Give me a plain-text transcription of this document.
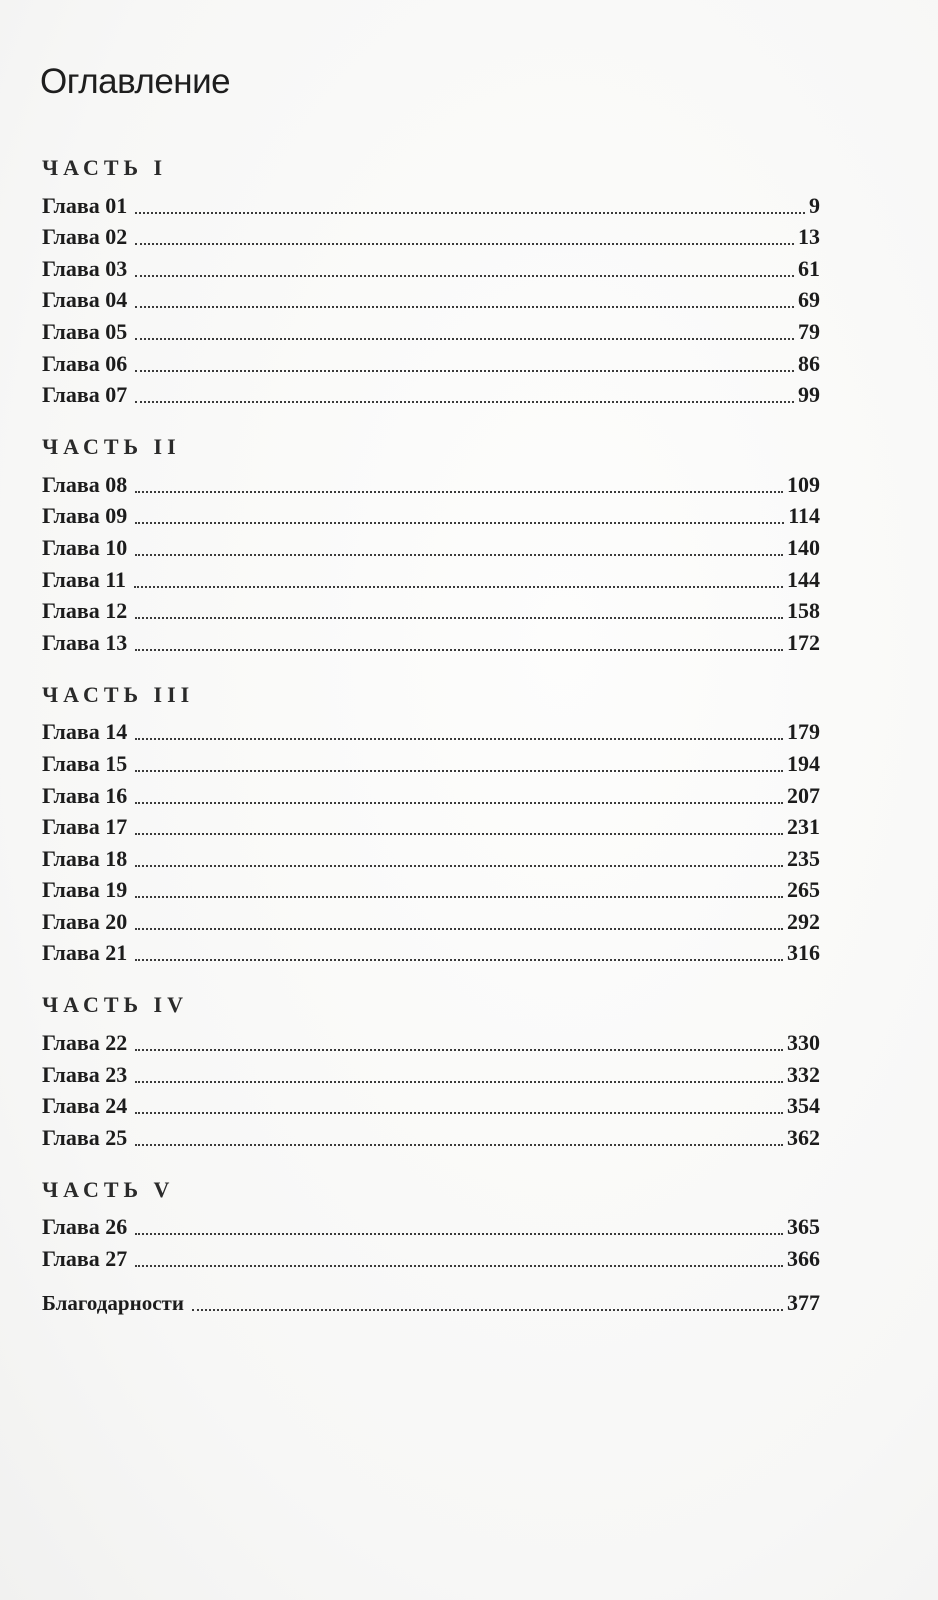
Оглавление
ЧАСТЬ I
Глава 01	9
Глава 02	13
Глава 03	61
Глава 04	69
Глава 05	79
Глава 06	86
Глава 07	99
ЧАСТЬ II
Глава 08	109
Глава 09	114
Глава 10	140
Глава 11	144
Глава 12	158
Глава 13	172
ЧАСТЬ III
Глава 14	179
Глава 15	194
Глава 16	207
Глава 17	231
Глава 18	235
Глава 19	265
Глава 20	292
Глава 21	316
ЧАСТЬ IV
Глава 22	330
Глава 23	332
Глава 24	354
Глава 25	362
ЧАСТЬ V
Глава 26	365
Глава 27	366
Благодарности	377
